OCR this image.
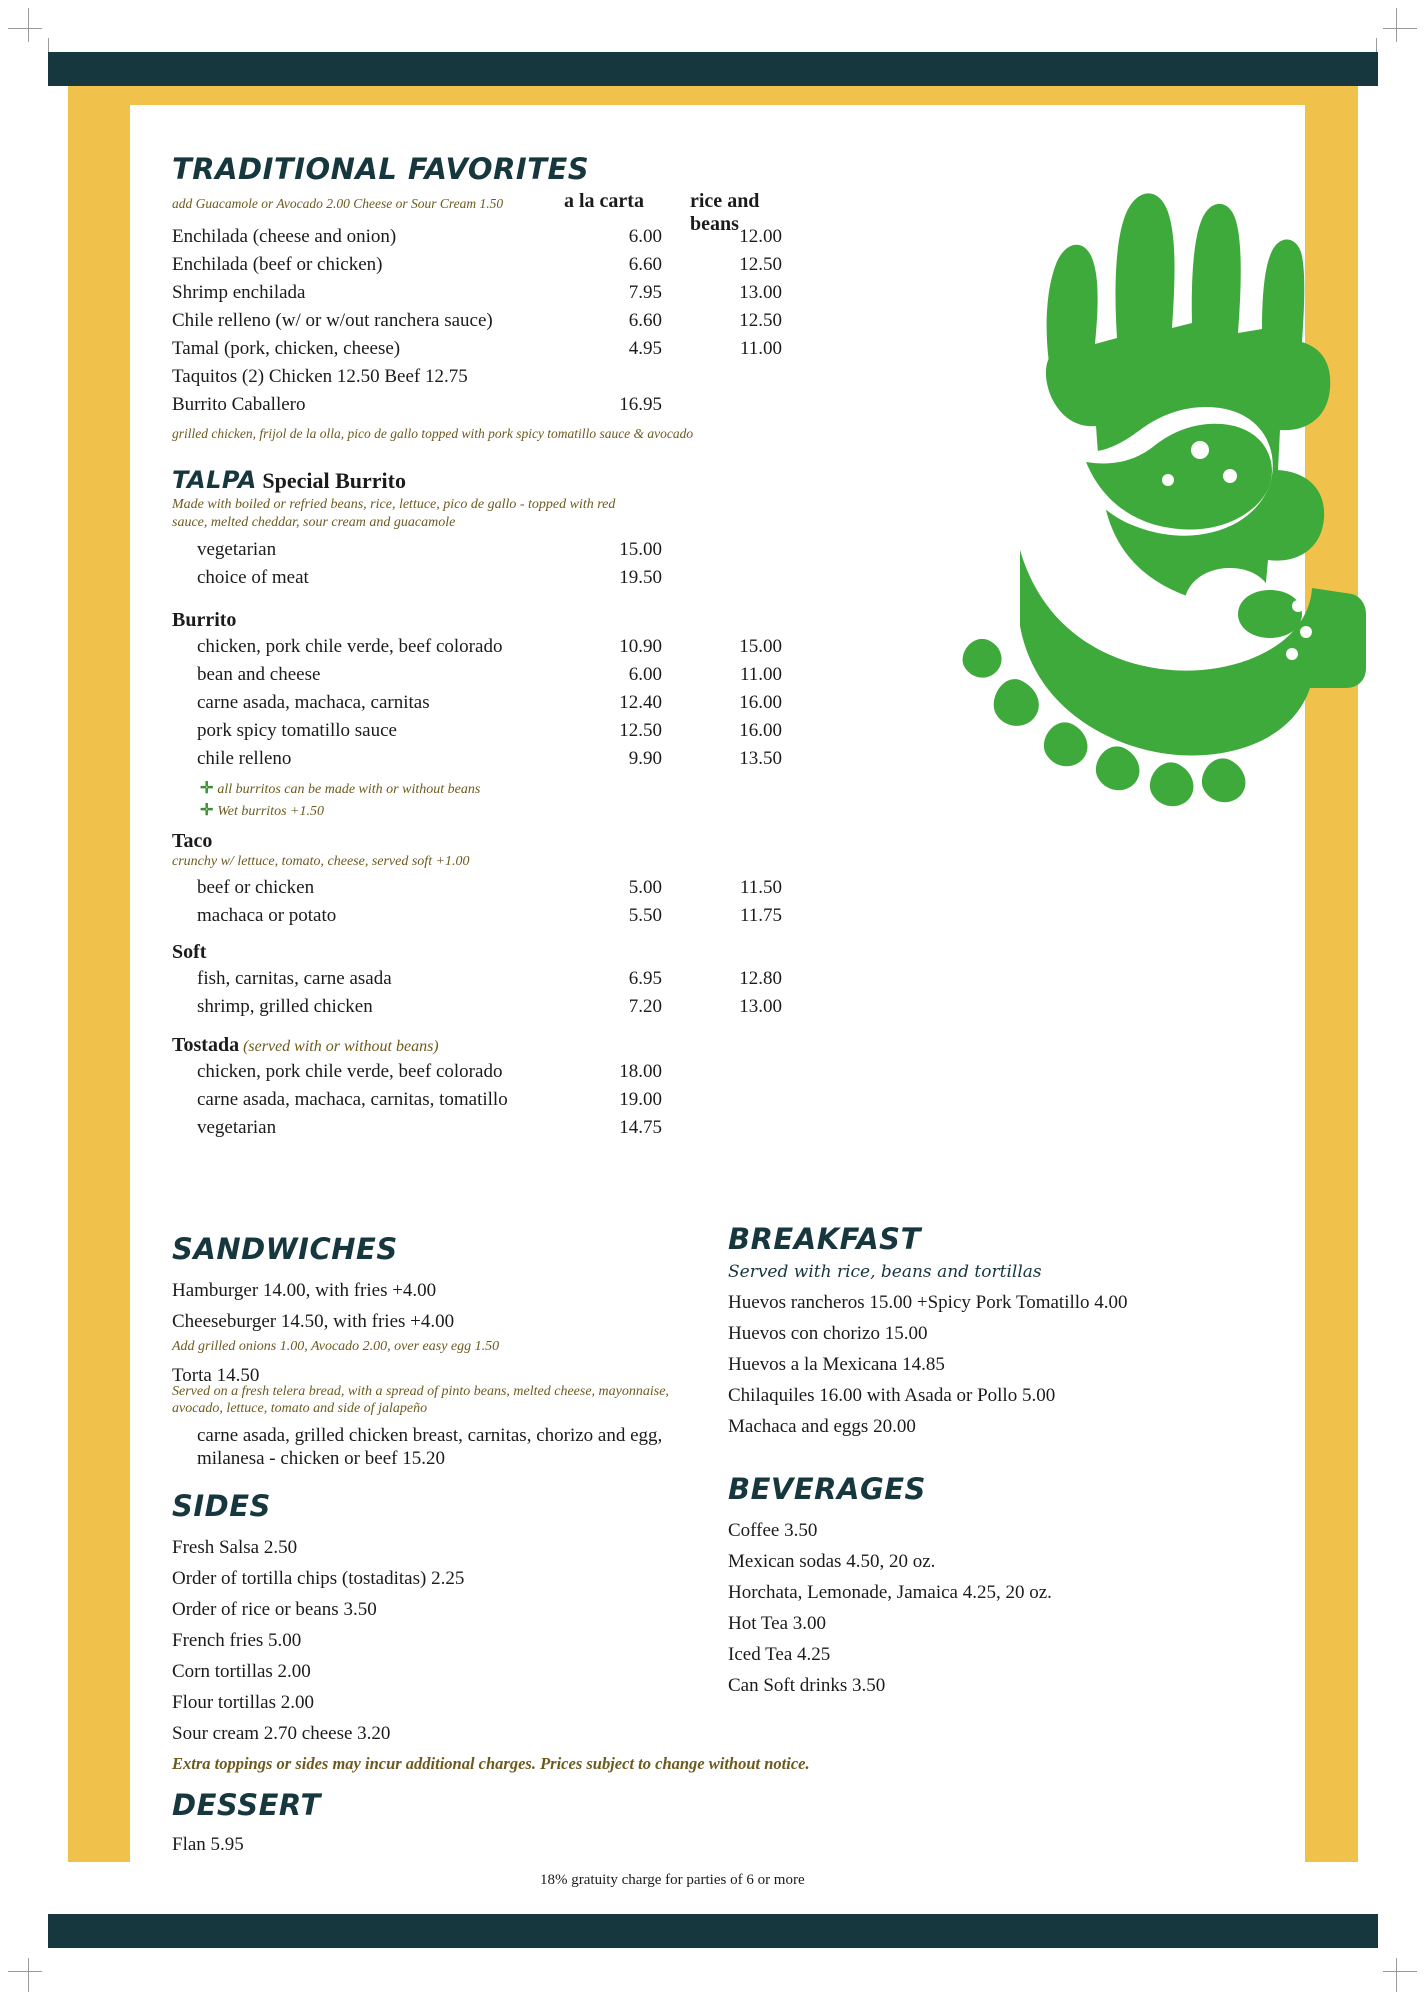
TRADITIONAL FAVORITES
add Guacamole or Avocado 2.00 Cheese or Sour Cream 1.50	a la carta rice and beans
Enchilada (cheese and onion)	6.00	12.00
Enchilada (beef or chicken)	6.60	12.50
Shrimp enchilada	7.95	13.00
Chile relleno (w/ or w/out ranchera sauce)	6.60	12.50
Tamal (pork, chicken, cheese)	4.95	11.00
Taquitos (2) Chicken 12.50 Beef 12.75
Burrito Caballero	16.95
grilled chicken, frijol de la olla, pico de gallo topped with pork spicy tomatillo sauce & avocado
TALPA Special Burrito
Made with boiled or refried beans, rice, lettuce, pico de gallo - topped with red sauce, melted cheddar, sour cream and guacamole
vegetarian	15.00
choice of meat	19.50
Burrito
chicken, pork chile verde, beef colorado	10.90	15.00
bean and cheese	6.00	11.00
carne asada, machaca, carnitas	12.40	16.00
pork spicy tomatillo sauce	12.50	16.00
chile relleno	9.90	13.50
✛ all burritos can be made with or without beans
✛ Wet burritos +1.50
Taco
crunchy w/ lettuce, tomato, cheese, served soft +1.00
beef or chicken	5.00	11.50
machaca or potato	5.50	11.75
Soft
fish, carnitas, carne asada	6.95	12.80
shrimp, grilled chicken	7.20	13.00
Tostada (served with or without beans)
chicken, pork chile verde, beef colorado	18.00
carne asada, machaca, carnitas, tomatillo	19.00
vegetarian	14.75
SANDWICHES
Hamburger 14.00, with fries +4.00
Cheeseburger 14.50, with fries +4.00
Add grilled onions 1.00, Avocado 2.00, over easy egg 1.50
Torta 14.50
Served on a fresh telera bread, with a spread of pinto beans, melted cheese, mayonnaise, avocado, lettuce, tomato and side of jalapeño
carne asada, grilled chicken breast, carnitas, chorizo and egg, milanesa - chicken or beef 15.20
SIDES
Fresh Salsa 2.50
Order of tortilla chips (tostaditas) 2.25
Order of rice or beans 3.50
French fries 5.00
Corn tortillas 2.00
Flour tortillas 2.00
Sour cream 2.70 cheese 3.20
Extra toppings or sides may incur additional charges. Prices subject to change without notice.
DESSERT
Flan 5.95
BREAKFAST
Served with rice, beans and tortillas
Huevos rancheros 15.00 +Spicy Pork Tomatillo 4.00
Huevos con chorizo 15.00
Huevos a la Mexicana 14.85
Chilaquiles 16.00 with Asada or Pollo 5.00
Machaca and eggs 20.00
BEVERAGES
Coffee 3.50
Mexican sodas 4.50, 20 oz.
Horchata, Lemonade, Jamaica 4.25, 20 oz.
Hot Tea 3.00
Iced Tea 4.25
Can Soft drinks 3.50
18% gratuity charge for parties of 6 or more
